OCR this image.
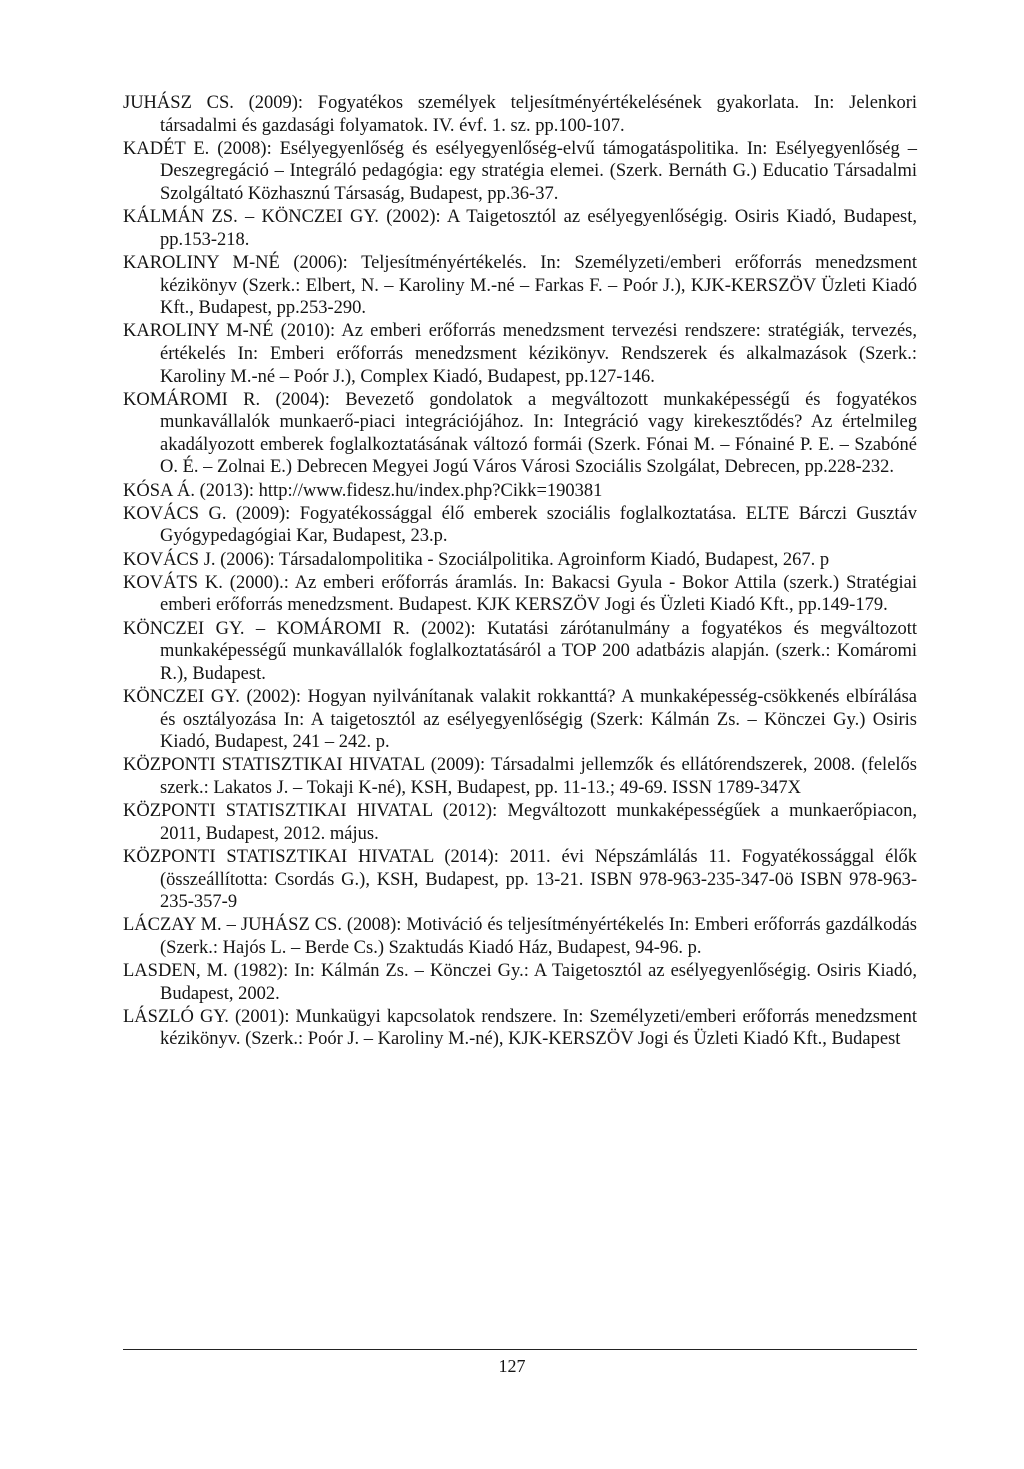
JUHÁSZ CS. (2009): Fogyatékos személyek teljesítményértékelésének gyakorlata. In: Jelenkori társadalmi és gazdasági folyamatok. IV. évf. 1. sz. pp.100-107.
KADÉT E. (2008): Esélyegyenlőség és esélyegyenlőség-elvű támogatáspolitika. In: Esélyegyenlőség – Deszegregáció – Integráló pedagógia: egy stratégia elemei. (Szerk. Bernáth G.) Educatio Társadalmi Szolgáltató Közhasznú Társaság, Budapest, pp.36-37.
KÁLMÁN ZS. – KÖNCZEI GY. (2002): A Taigetosztól az esélyegyenlőségig. Osiris Kiadó, Budapest, pp.153-218.
KAROLINY M-NÉ (2006): Teljesítményértékelés. In: Személyzeti/emberi erőforrás menedzsment kézikönyv (Szerk.: Elbert, N. – Karoliny M.-né – Farkas F. – Poór J.), KJK-KERSZÖV Üzleti Kiadó Kft., Budapest, pp.253-290.
KAROLINY M-NÉ (2010): Az emberi erőforrás menedzsment tervezési rendszere: stratégiák, tervezés, értékelés In: Emberi erőforrás menedzsment kézikönyv. Rendszerek és alkalmazások (Szerk.: Karoliny M.-né – Poór J.), Complex Kiadó, Budapest, pp.127-146.
KOMÁROMI R. (2004): Bevezető gondolatok a megváltozott munkaképességű és fogyatékos munkavállalók munkaerő-piaci integrációjához. In: Integráció vagy kirekesztődés? Az értelmileg akadályozott emberek foglalkoztatásának változó formái (Szerk. Fónai M. – Fónainé P. E. – Szabóné O. É. – Zolnai E.) Debrecen Megyei Jogú Város Városi Szociális Szolgálat, Debrecen, pp.228-232.
KÓSA Á. (2013): http://www.fidesz.hu/index.php?Cikk=190381
KOVÁCS G. (2009): Fogyatékossággal élő emberek szociális foglalkoztatása. ELTE Bárczi Gusztáv Gyógypedagógiai Kar, Budapest, 23.p.
KOVÁCS J. (2006): Társadalompolitika - Szociálpolitika. Agroinform Kiadó, Budapest, 267. p
KOVÁTS K. (2000).: Az emberi erőforrás áramlás. In: Bakacsi Gyula - Bokor Attila (szerk.) Stratégiai emberi erőforrás menedzsment. Budapest. KJK KERSZÖV Jogi és Üzleti Kiadó Kft., pp.149-179.
KÖNCZEI GY. – KOMÁROMI R. (2002): Kutatási zárótanulmány a fogyatékos és megváltozott munkaképességű munkavállalók foglalkoztatásáról a TOP 200 adatbázis alapján. (szerk.: Komáromi R.), Budapest.
KÖNCZEI GY. (2002): Hogyan nyilvánítanak valakit rokkanttá? A munkaképesség-csökkenés elbírálása és osztályozása In: A taigetosztól az esélyegyenlőségig (Szerk: Kálmán Zs. – Könczei Gy.) Osiris Kiadó, Budapest, 241 – 242. p.
KÖZPONTI STATISZTIKAI HIVATAL (2009): Társadalmi jellemzők és ellátórendszerek, 2008. (felelős szerk.: Lakatos J. – Tokaji K-né), KSH, Budapest, pp. 11-13.; 49-69. ISSN 1789-347X
KÖZPONTI STATISZTIKAI HIVATAL (2012): Megváltozott munkaképességűek a munkaerőpiacon, 2011, Budapest, 2012. május.
KÖZPONTI STATISZTIKAI HIVATAL (2014): 2011. évi Népszámlálás 11. Fogyatékossággal élők (összeállította: Csordás G.), KSH, Budapest, pp. 13-21. ISBN 978-963-235-347-0ö ISBN 978-963-235-357-9
LÁCZAY M. – JUHÁSZ CS. (2008): Motiváció és teljesítményértékelés In: Emberi erőforrás gazdálkodás (Szerk.: Hajós L. – Berde Cs.) Szaktudás Kiadó Ház, Budapest, 94-96. p.
LASDEN, M. (1982): In: Kálmán Zs. – Könczei Gy.: A Taigetosztól az esélyegyenlőségig. Osiris Kiadó, Budapest, 2002.
LÁSZLÓ GY. (2001): Munkaügyi kapcsolatok rendszere. In: Személyzeti/emberi erőforrás menedzsment kézikönyv. (Szerk.: Poór J. – Karoliny M.-né), KJK-KERSZÖV Jogi és Üzleti Kiadó Kft., Budapest
127
